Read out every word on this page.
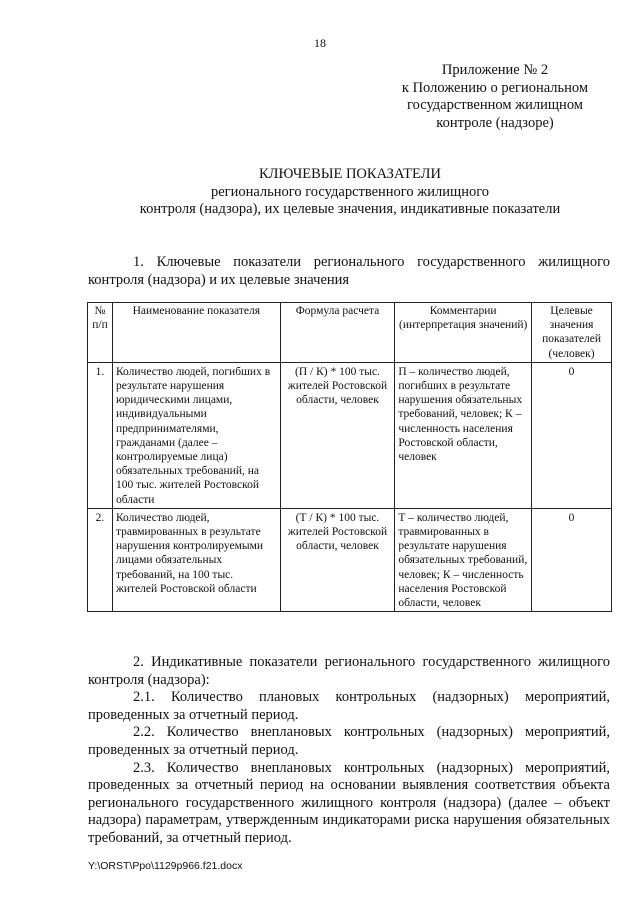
18
Приложение № 2
к Положению о региональном
государственном жилищном
контроле (надзоре)
КЛЮЧЕВЫЕ ПОКАЗАТЕЛИ
регионального государственного жилищного
контроля (надзора), их целевые значения, индикативные показатели
1. Ключевые показатели регионального государственного жилищного контроля (надзора) и их целевые значения
№ п/п	Наименование показателя	Формула расчета	Комментарии (интерпретация значений)	Целевые значения показателей (человек)
1.	Количество людей, погибших в результате нарушения юридическими лицами, индивидуальными предпринимателями, гражданами (далее – контролируемые лица) обязательных требований, на 100 тыс. жителей Ростовской области	(П / К) * 100 тыс. жителей Ростовской области, человек	П – количество людей, погибших в результате нарушения обязательных требований, человек; К – численность населения Ростовской области, человек	0
2.	Количество людей, травмированных в результате нарушения контролируемыми лицами обязательных требований, на 100 тыс. жителей Ростовской области	(Т / К) * 100 тыс. жителей Ростовской области, человек	Т – количество людей, травмированных в результате нарушения обязательных требований, человек; К – численность населения Ростовской области, человек	0
2. Индикативные показатели регионального государственного жилищного контроля (надзора):
2.1. Количество плановых контрольных (надзорных) мероприятий, проведенных за отчетный период.
2.2. Количество внеплановых контрольных (надзорных) мероприятий, проведенных за отчетный период.
2.3. Количество внеплановых контрольных (надзорных) мероприятий, проведенных за отчетный период на основании выявления соответствия объекта регионального государственного жилищного контроля (надзора) (далее – объект надзора) параметрам, утвержденным индикаторами риска нарушения обязательных требований, за отчетный период.
Y:\ORST\Ppo\1129p966.f21.docx
